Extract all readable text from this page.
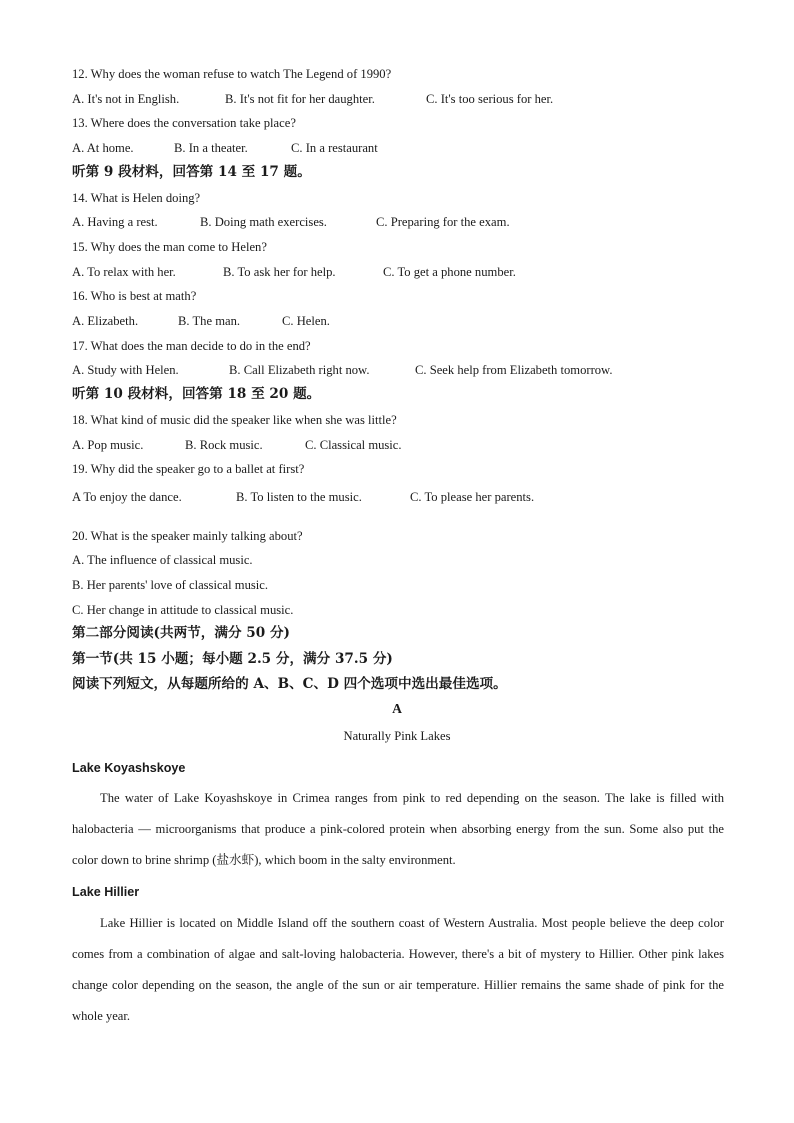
12. Why does the woman refuse to watch The Legend of 1990?
A. It's not in English.	B. It's not fit for her daughter.	C. It's too serious for her.
13. Where does the conversation take place?
A. At home.	B. In a theater.	C. In a restaurant
听第 9 段材料，回答第 14 至 17 题。
14. What is Helen doing?
A. Having a rest.	B. Doing math exercises.	C. Preparing for the exam.
15. Why does the man come to Helen?
A. To relax with her.	B. To ask her for help.	C. To get a phone number.
16. Who is best at math?
A. Elizabeth.	B. The man.	C. Helen.
17. What does the man decide to do in the end?
A. Study with Helen.	B. Call Elizabeth right now.	C. Seek help from Elizabeth tomorrow.
听第 10 段材料，回答第 18 至 20 题。
18. What kind of music did the speaker like when she was little?
A. Pop music.	B. Rock music.	C. Classical music.
19. Why did the speaker go to a ballet at first?
A To enjoy the dance.	B. To listen to the music.	C. To please her parents.
20. What is the speaker mainly talking about?
A. The influence of classical music.
B. Her parents' love of classical music.
C. Her change in attitude to classical music.
第二部分阅读(共两节，满分 50 分)
第一节(共 15 小题；每小题 2.5 分，满分 37.5 分)
阅读下列短文，从每题所给的 A、B、C、D 四个选项中选出最佳选项。
A
Naturally Pink Lakes
Lake Koyashskoye
The water of Lake Koyashskoye in Crimea ranges from pink to red depending on the season. The lake is filled with halobacteria — microorganisms that produce a pink-colored protein when absorbing energy from the sun. Some also put the color down to brine shrimp (盐水虾), which boom in the salty environment.
Lake Hillier
Lake Hillier is located on Middle Island off the southern coast of Western Australia. Most people believe the deep color comes from a combination of algae and salt-loving halobacteria. However, there's a bit of mystery to Hillier. Other pink lakes change color depending on the season, the angle of the sun or air temperature. Hillier remains the same shade of pink for the whole year.
